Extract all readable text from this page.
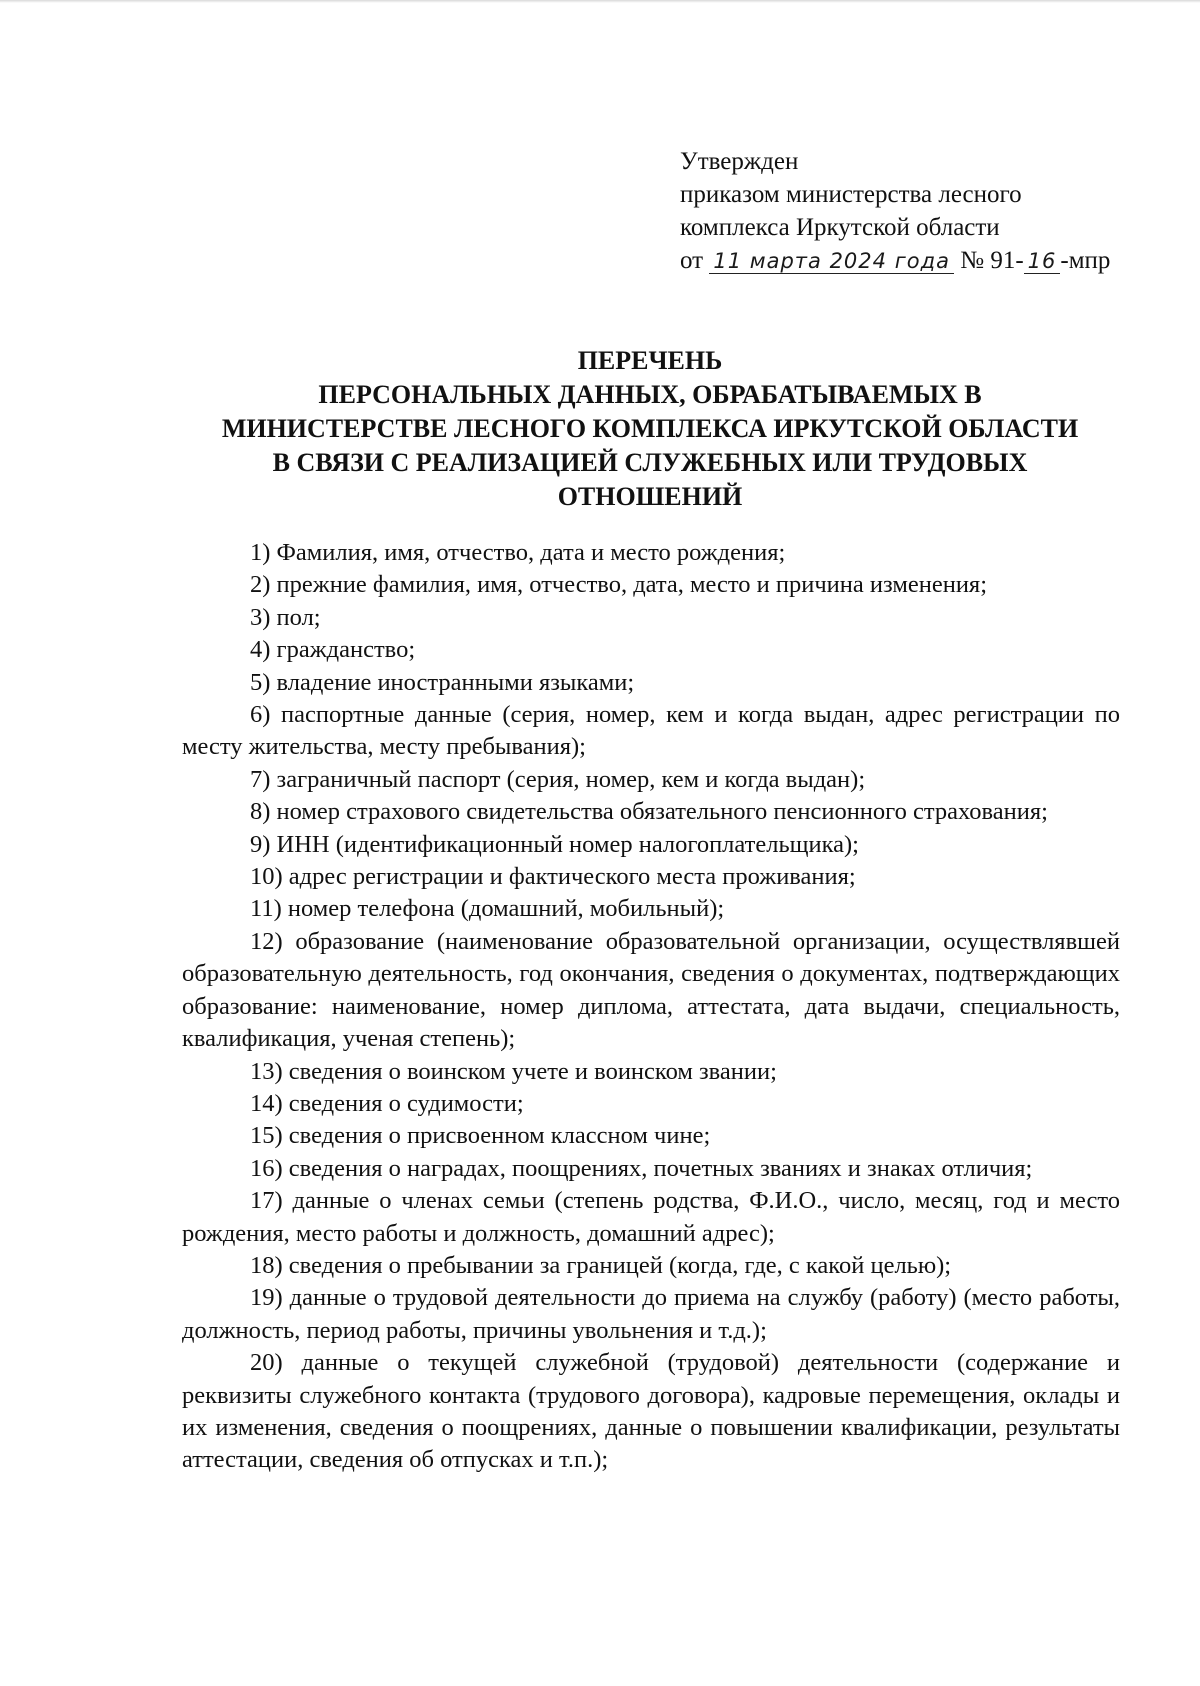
Утвержден
приказом министерства лесного
комплекса Иркутской области
от 11 марта 2024 года № 91- 16 -мпр
ПЕРЕЧЕНЬ
ПЕРСОНАЛЬНЫХ ДАННЫХ, ОБРАБАТЫВАЕМЫХ В
МИНИСТЕРСТВЕ ЛЕСНОГО КОМПЛЕКСА ИРКУТСКОЙ ОБЛАСТИ
В СВЯЗИ С РЕАЛИЗАЦИЕЙ СЛУЖЕБНЫХ ИЛИ ТРУДОВЫХ
ОТНОШЕНИЙ

1) Фамилия, имя, отчество, дата и место рождения;

2) прежние фамилия, имя, отчество, дата, место и причина изменения;

3) пол;

4) гражданство;

5) владение иностранными языками;

6) паспортные данные (серия, номер, кем и когда выдан, адрес регистрации по месту жительства, месту пребывания);

7) заграничный паспорт (серия, номер, кем и когда выдан);

8) номер страхового свидетельства обязательного пенсионного страхования;

9) ИНН (идентификационный номер налогоплательщика);

10) адрес регистрации и фактического места проживания;

11) номер телефона (домашний, мобильный);

12) образование (наименование образовательной организации, осуществлявшей образовательную деятельность, год окончания, сведения о документах, подтверждающих образование: наименование, номер диплома, аттестата, дата выдачи, специальность, квалификация, ученая степень);

13) сведения о воинском учете и воинском звании;

14) сведения о судимости;

15) сведения о присвоенном классном чине;

16) сведения о наградах, поощрениях, почетных званиях и знаках отличия;

17) данные о членах семьи (степень родства, Ф.И.О., число, месяц, год и место рождения, место работы и должность, домашний адрес);

18) сведения о пребывании за границей (когда, где, с какой целью);

19) данные о трудовой деятельности до приема на службу (работу) (место работы, должность, период работы, причины увольнения и т.д.);

20) данные о текущей служебной (трудовой) деятельности (содержание и реквизиты служебного контакта (трудового договора), кадровые перемещения, оклады и их изменения, сведения о поощрениях, данные о повышении квалификации, результаты аттестации, сведения об отпусках и т.п.);
